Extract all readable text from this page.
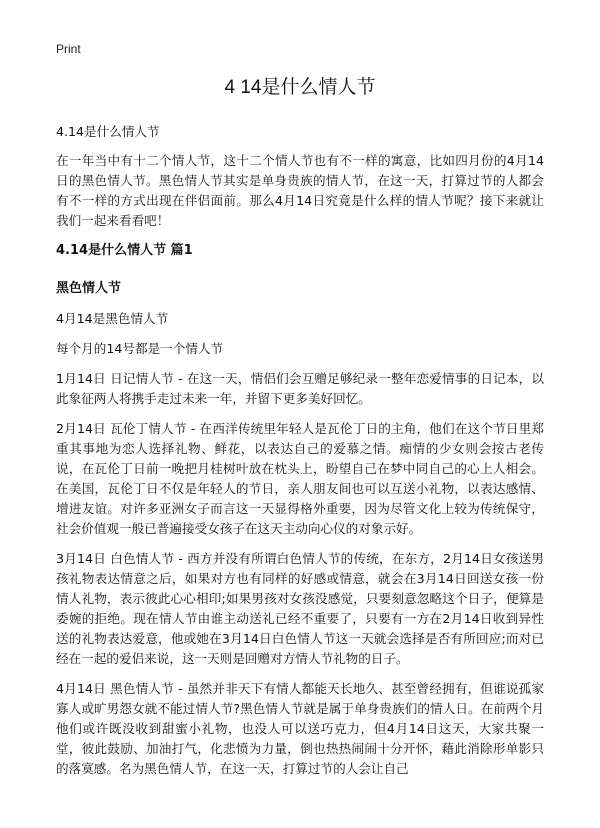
Print
4 14是什么情人节

4.14是什么情人节

在一年当中有十二个情人节，这十二个情人节也有不一样的寓意，比如四月份的4月14日的黑色情人节。黑色情人节其实是单身贵族的情人节，在这一天，打算过节的人都会有不一样的方式出现在伴侣面前。那么4月14日究竟是什么样的情人节呢？接下来就让我们一起来看看吧！

4.14是什么情人节 篇1
黑色情人节

4月14是黑色情人节

每个月的14号都是一个情人节

1月14日 日记情人节 - 在这一天，情侣们会互赠足够纪录一整年恋爱情事的日记本，以此象征两人将携手走过未来一年，并留下更多美好回忆。

2月14日 瓦伦丁情人节 - 在西洋传统里年轻人是瓦伦丁日的主角，他们在这个节日里郑重其事地为恋人选择礼物、鲜花，以表达自己的爱慕之情。痴情的少女则会按古老传说，在瓦伦丁日前一晚把月桂树叶放在枕头上，盼望自己在梦中同自己的心上人相会。在美国，瓦伦丁日不仅是年轻人的节日，亲人朋友间也可以互送小礼物，以表达感情、增进友谊。对许多亚洲女子而言这一天显得格外重要，因为尽管文化上较为传统保守，社会价值观一般已普遍接受女孩子在这天主动向心仪的对象示好。

3月14日 白色情人节 - 西方并没有所谓白色情人节的传统，在东方，2月14日女孩送男孩礼物表达情意之后，如果对方也有同样的好感或情意，就会在3月14日回送女孩一份情人礼物，表示彼此心心相印;如果男孩对女孩没感觉，只要刻意忽略这个日子，便算是委婉的拒绝。现在情人节由谁主动送礼已经不重要了，只要有一方在2月14日收到异性送的礼物表达爱意，他或她在3月14日白色情人节这一天就会选择是否有所回应;而对已经在一起的爱侣来说，这一天则是回赠对方情人节礼物的日子。

4月14日 黑色情人节 - 虽然并非天下有情人都能天长地久、甚至曾经拥有，但谁说孤家寡人或旷男怨女就不能过情人节?黑色情人节就是属于单身贵族们的情人日。在前两个月他们或许既没收到甜蜜小礼物，也没人可以送巧克力，但4月14日这天，大家共聚一堂，彼此鼓励、加油打气，化悲愤为力量，倒也热热闹闹十分开怀，藉此消除形单影只的落寞感。名为黑色情人节，在这一天，打算过节的人会让自己
